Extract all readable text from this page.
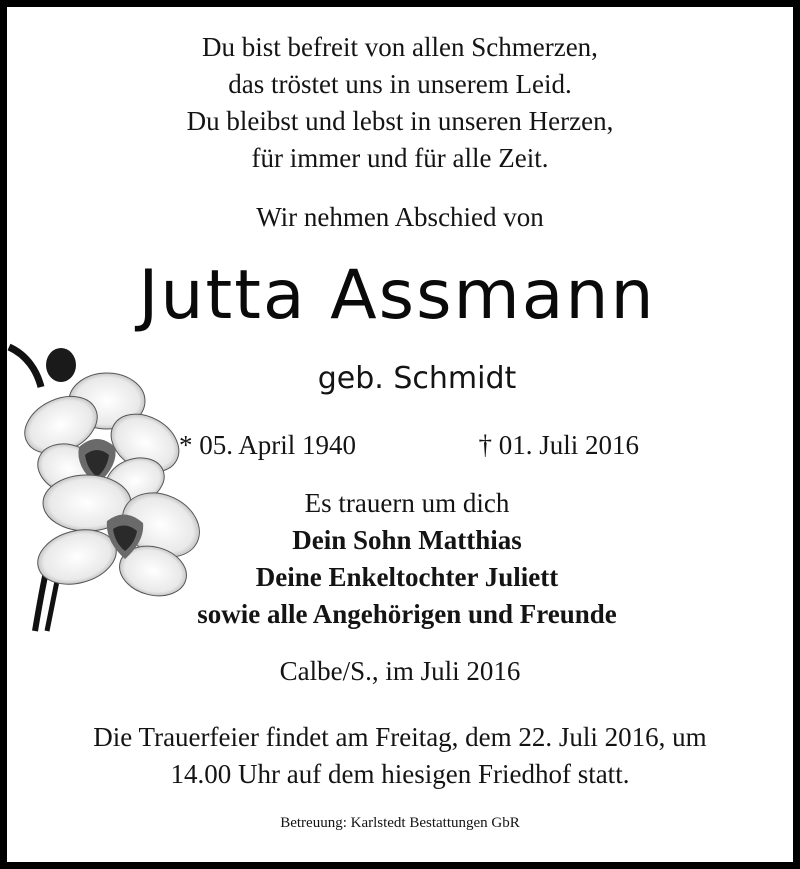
Du bist befreit von allen Schmerzen,
das tröstet uns in unserem Leid.
Du bleibst und lebst in unseren Herzen,
für immer und für alle Zeit.
Wir nehmen Abschied von
Jutta Assmann
geb. Schmidt
* 05. April 1940	† 01. Juli 2016
Es trauern um dich
Dein Sohn Matthias
Deine Enkeltochter Juliett
sowie alle Angehörigen und Freunde
Calbe/S., im Juli 2016
Die Trauerfeier findet am Freitag, dem 22. Juli 2016, um
14.00 Uhr auf dem hiesigen Friedhof statt.
Betreuung: Karlstedt Bestattungen GbR
